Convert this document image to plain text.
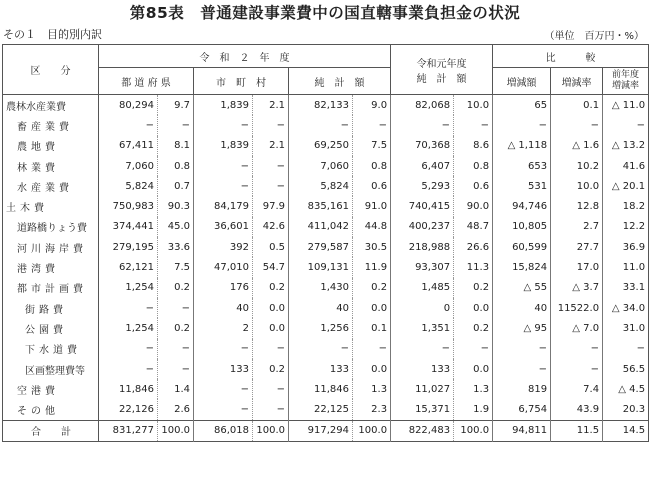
第85表　普通建設事業費中の国直轄事業負担金の状況
その１　目的別内訳	（単位　百万円・%）
区　　分	令　和　２　年　度						令和元年度
純　計　額		比　　　較		
	都 道 府 県		市　町　村		純　計　額				増減額	増減率	前年度
増減率

農林水産業費	80,294	9.7	1,839	2.1	82,133	9.0	82,068	10.0	65	0.1	△ 11.0
畜産業費	−	−	−	−	−	−	−	−	−	−	−
農地費	67,411	8.1	1,839	2.1	69,250	7.5	70,368	8.6	△ 1,118	△ 1.6	△ 13.2
林業費	7,060	0.8	−	−	7,060	0.8	6,407	0.8	653	10.2	41.6
水産業費	5,824	0.7	−	−	5,824	0.6	5,293	0.6	531	10.0	△ 20.1
土木費	750,983	90.3	84,179	97.9	835,161	91.0	740,415	90.0	94,746	12.8	18.2
道路橋りょう費	374,441	45.0	36,601	42.6	411,042	44.8	400,237	48.7	10,805	2.7	12.2
河川海岸費	279,195	33.6	392	0.5	279,587	30.5	218,988	26.6	60,599	27.7	36.9
港湾費	62,121	7.5	47,010	54.7	109,131	11.9	93,307	11.3	15,824	17.0	11.0
都市計画費	1,254	0.2	176	0.2	1,430	0.2	1,485	0.2	△ 55	△ 3.7	33.1
街路費	−	−	40	0.0	40	0.0	0	0.0	40	11522.0	△ 34.0
公園費	1,254	0.2	2	0.0	1,256	0.1	1,351	0.2	△ 95	△ 7.0	31.0
下水道費	−	−	−	−	−	−	−	−	−	−	−
区画整理費等	−	−	133	0.2	133	0.0	133	0.0	−	−	56.5
空港費	11,846	1.4	−	−	11,846	1.3	11,027	1.3	819	7.4	△ 4.5
その他	22,126	2.6	−	−	22,125	2.3	15,371	1.9	6,754	43.9	20.3
合計	831,277	100.0	86,018	100.0	917,294	100.0	822,483	100.0	94,811	11.5	14.5
